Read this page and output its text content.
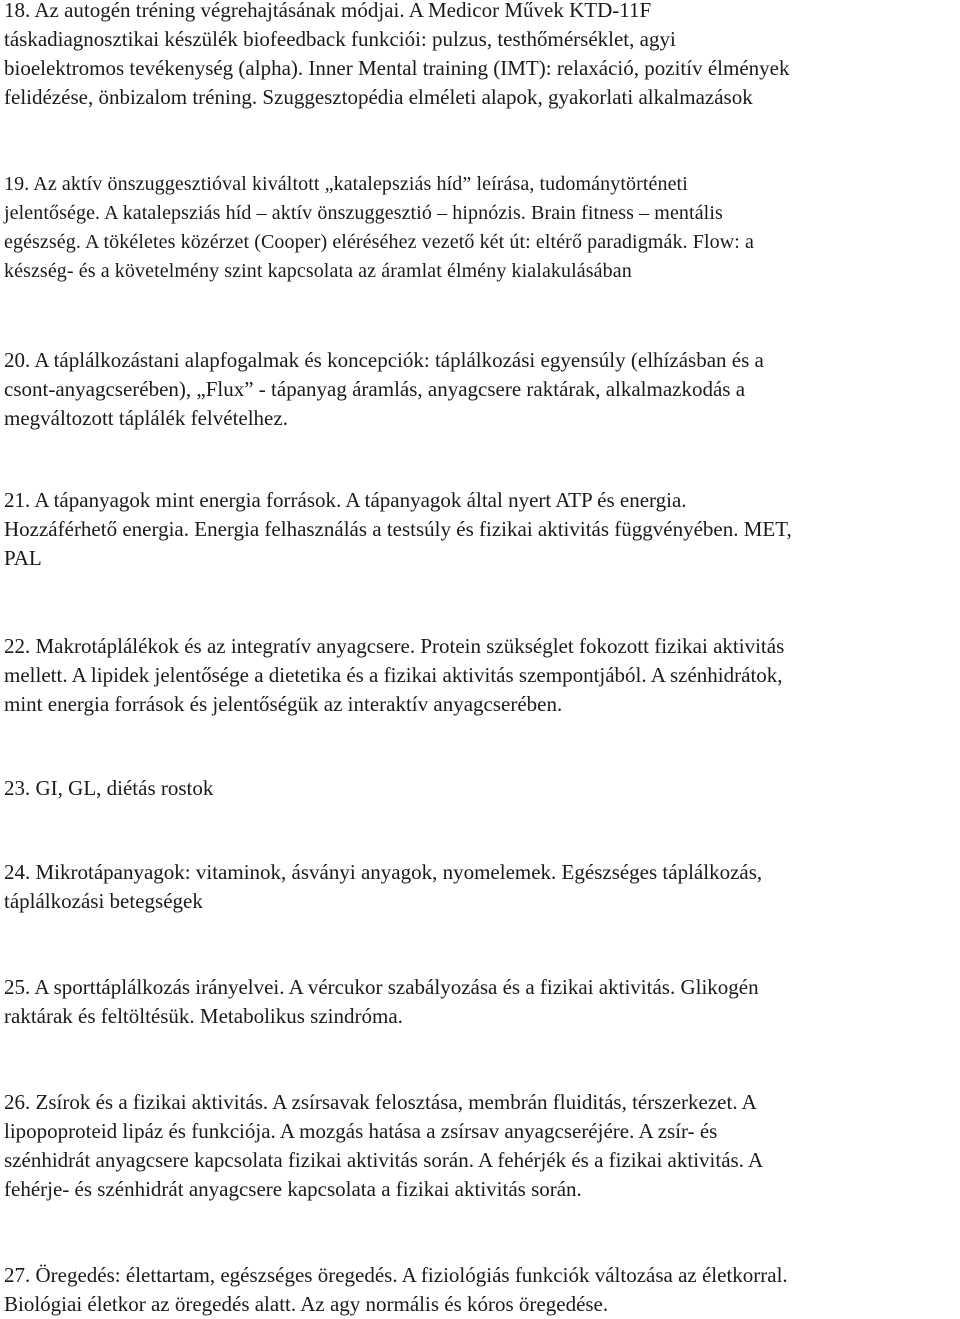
18. Az autogén tréning végrehajtásának módjai. A Medicor Művek KTD-11F
táskadiagnosztikai készülék biofeedback funkciói: pulzus, testhőmérséklet, agyi
bioelektromos tevékenység (alpha). Inner Mental training (IMT): relaxáció, pozitív élmények
felidézése, önbizalom tréning. Szuggesztopédia elméleti alapok, gyakorlati alkalmazások
19. Az aktív önszuggesztióval kiváltott „katalepsziás híd” leírása, tudománytörténeti
jelentősége. A katalepsziás híd – aktív önszuggesztió – hipnózis. Brain fitness – mentális
egészség. A tökéletes közérzet (Cooper) eléréséhez vezető két út: eltérő paradigmák. Flow: a
készség- és a követelmény szint kapcsolata az áramlat élmény kialakulásában
20. A táplálkozástani alapfogalmak és koncepciók: táplálkozási egyensúly (elhízásban és a
csont-anyagcserében), „Flux” - tápanyag áramlás, anyagcsere raktárak, alkalmazkodás a
megváltozott táplálék felvételhez.
21. A tápanyagok mint energia források. A tápanyagok által nyert ATP és energia.
Hozzáférhető energia. Energia felhasználás a testsúly és fizikai aktivitás függvényében. MET,
PAL
22. Makrotáplálékok és az integratív anyagcsere. Protein szükséglet fokozott fizikai aktivitás
mellett. A lipidek jelentősége a dietetika és a fizikai aktivitás szempontjából. A szénhidrátok,
mint energia források és jelentőségük az interaktív anyagcserében.
23. GI, GL, diétás rostok
24. Mikrotápanyagok: vitaminok, ásványi anyagok, nyomelemek. Egészséges táplálkozás,
táplálkozási betegségek
25. A sporttáplálkozás irányelvei. A vércukor szabályozása és a fizikai aktivitás. Glikogén
raktárak és feltöltésük. Metabolikus szindróma.
26. Zsírok és a fizikai aktivitás. A zsírsavak felosztása, membrán fluiditás, térszerkezet. A
lipopoproteid lipáz és funkciója. A mozgás hatása a zsírsav anyagcseréjére. A zsír- és
szénhidrát anyagcsere kapcsolata fizikai aktivitás során. A fehérjék és a fizikai aktivitás. A
fehérje- és szénhidrát anyagcsere kapcsolata a fizikai aktivitás során.
27. Öregedés: élettartam, egészséges öregedés. A fiziológiás funkciók változása az életkorral.
Biológiai életkor az öregedés alatt. Az agy normális és kóros öregedése.
